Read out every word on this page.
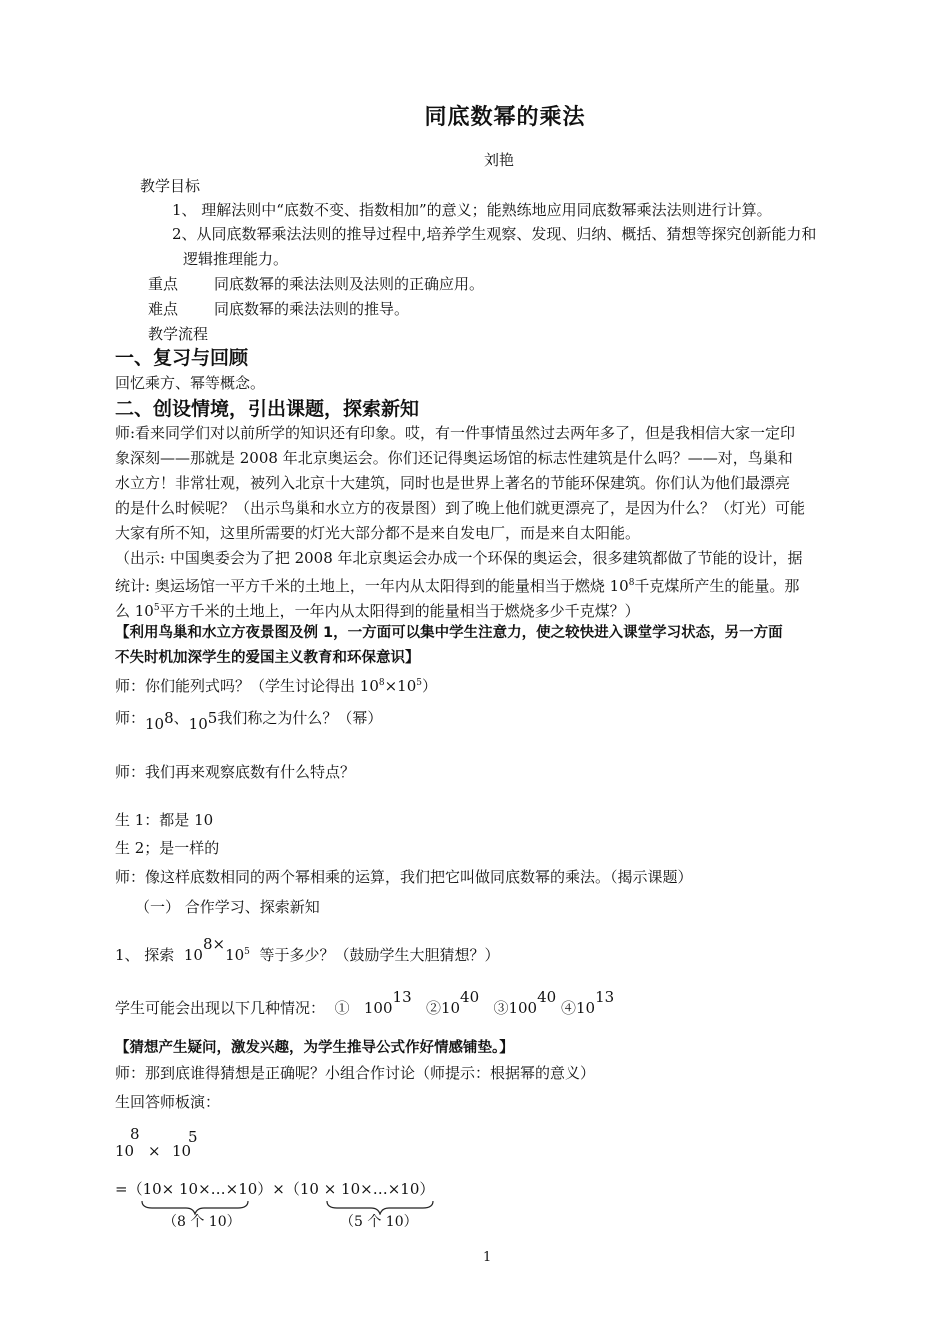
同底数幂的乘法
刘艳
教学目标
1、 理解法则中“底数不变、指数相加”的意义；能熟练地应用同底数幂乘法法则进行计算。
2、从同底数幂乘法法则的推导过程中,培养学生观察、发现、归纳、概括、猜想等探究创新能力和
逻辑推理能力。
重点 同底数幂的乘法法则及法则的正确应用。
难点 同底数幂的乘法法则的推导。
教学流程
一、复习与回顾
回忆乘方、幂等概念。
二、创设情境，引出课题，探索新知
师:看来同学们对以前所学的知识还有印象。哎，有一件事情虽然过去两年多了，但是我相信大家一定印
象深刻——那就是 2008 年北京奥运会。你们还记得奥运场馆的标志性建筑是什么吗？——对，鸟巢和
水立方！非常壮观，被列入北京十大建筑，同时也是世界上著名的节能环保建筑。你们认为他们最漂亮
的是什么时候呢？（出示鸟巢和水立方的夜景图）到了晚上他们就更漂亮了，是因为什么？（灯光）可能
大家有所不知，这里所需要的灯光大部分都不是来自发电厂，而是来自太阳能。
（出示: 中国奥委会为了把 2008 年北京奥运会办成一个环保的奥运会，很多建筑都做了节能的设计，据
统计: 奥运场馆一平方千米的土地上，一年内从太阳得到的能量相当于燃烧 $10^8$千克煤所产生的能量。那
么 $10^5$平方千米的土地上，一年内从太阳得到的能量相当于燃烧多少千克煤？）
【利用鸟巢和水立方夜景图及例 1，一方面可以集中学生注意力，使之较快进入课堂学习状态，另一方面
不失时机加深学生的爱国主义教育和环保意识】
师：你们能列式吗？（学生讨论得出 $10^8\times 10^5$）
师：108、105我们称之为什么？（幂）
师：我们再来观察底数有什么特点？
生 1：都是 10
生 2；是一样的
师：像这样底数相同的两个幂相乘的运算，我们把它叫做同底数幂的乘法。（揭示课题）
（一） 合作学习、探索新知
1、 探索 $108\times 10^5$ 等于多少？（鼓励学生大胆猜想？）
学生可能会出现以下几种情况： ① 10013   ②1040   ③10040 ④1013
【猜想产生疑问，激发兴趣，为学生推导公式作好情感铺垫。】
师：那到底谁得猜想是正确呢？小组合作讨论（师提示：根据幂的意义）
生回答师板演：
8	5
10 × 10
=（10× 10×…×10）×（10 × 10×…×10）
（8 个 10）	（5 个 10）
1
